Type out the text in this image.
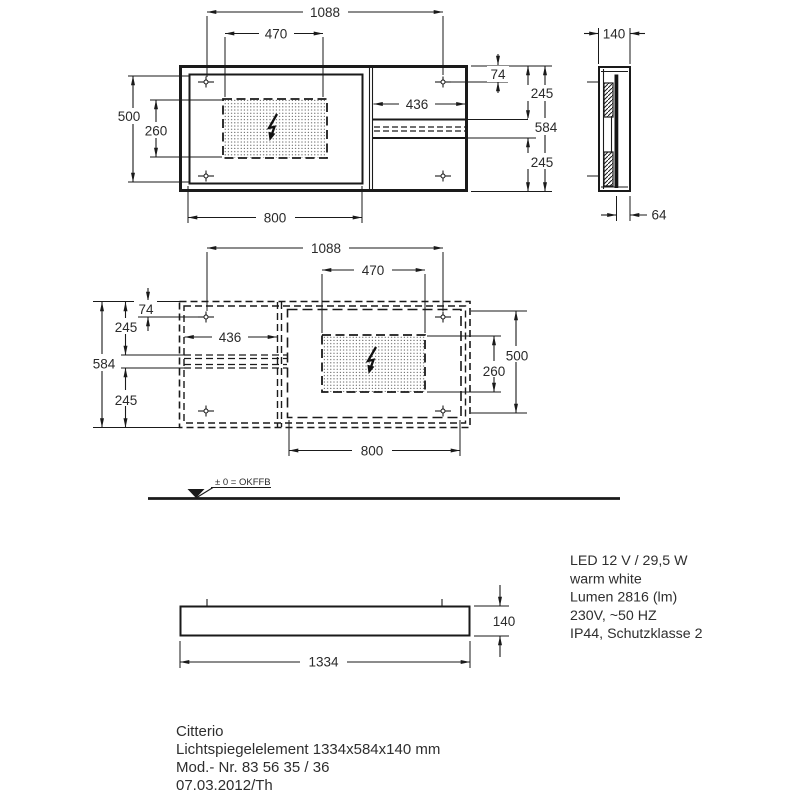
1088
470
800
436
500
260
74
245
584
245
140
64
1088
470
436
74
245
584
245
500
260
800
± 0 = OKFFB
1334
140
LED 12 V / 29,5 W
warm white
Lumen 2816 (lm)
230V, ~50 HZ
IP44, Schutzklasse 2
Citterio
Lichtspiegelelement 1334x584x140 mm
Mod.- Nr. 83 56 35 / 36
07.03.2012/Th
